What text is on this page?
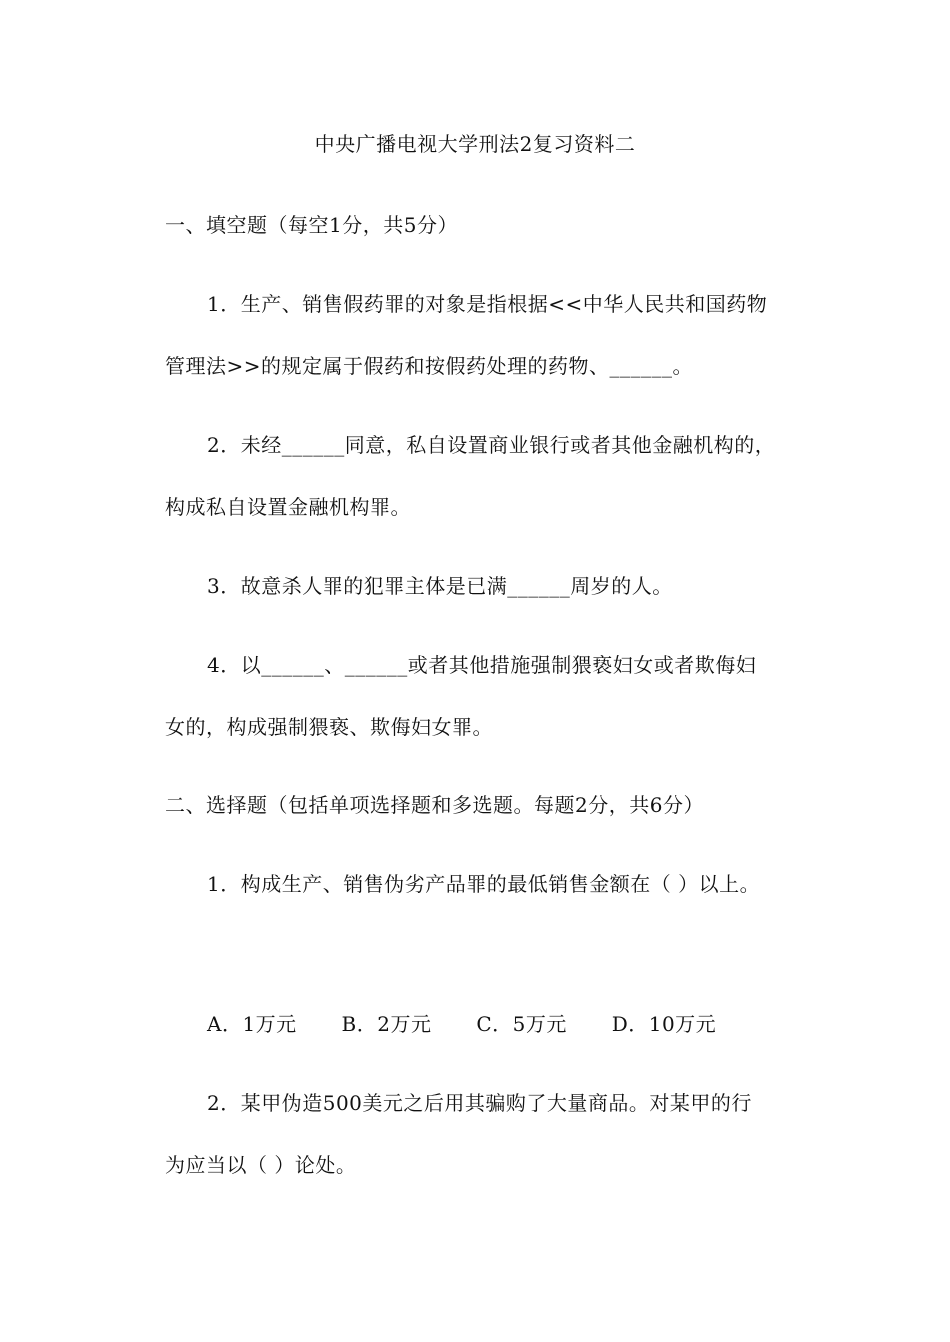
中央广播电视大学刑法2复习资料二
一、填空题（每空1分，共5分）
1．生产、销售假药罪的对象是指根据<<中华人民共和国药物
管理法>>的规定属于假药和按假药处理的药物、______。
2．未经______同意，私自设置商业银行或者其他金融机构的，
构成私自设置金融机构罪。
3．故意杀人罪的犯罪主体是已满______周岁的人。
4．以______、______或者其他措施强制猥亵妇女或者欺侮妇
女的，构成强制猥亵、欺侮妇女罪。
二、选择题（包括单项选择题和多选题。每题2分，共6分）
1．构成生产、销售伪劣产品罪的最低销售金额在（ ）以上。
A．1万元 B．2万元 C．5万元 D．10万元
2．某甲伪造500美元之后用其骗购了大量商品。对某甲的行
为应当以（ ）论处。
